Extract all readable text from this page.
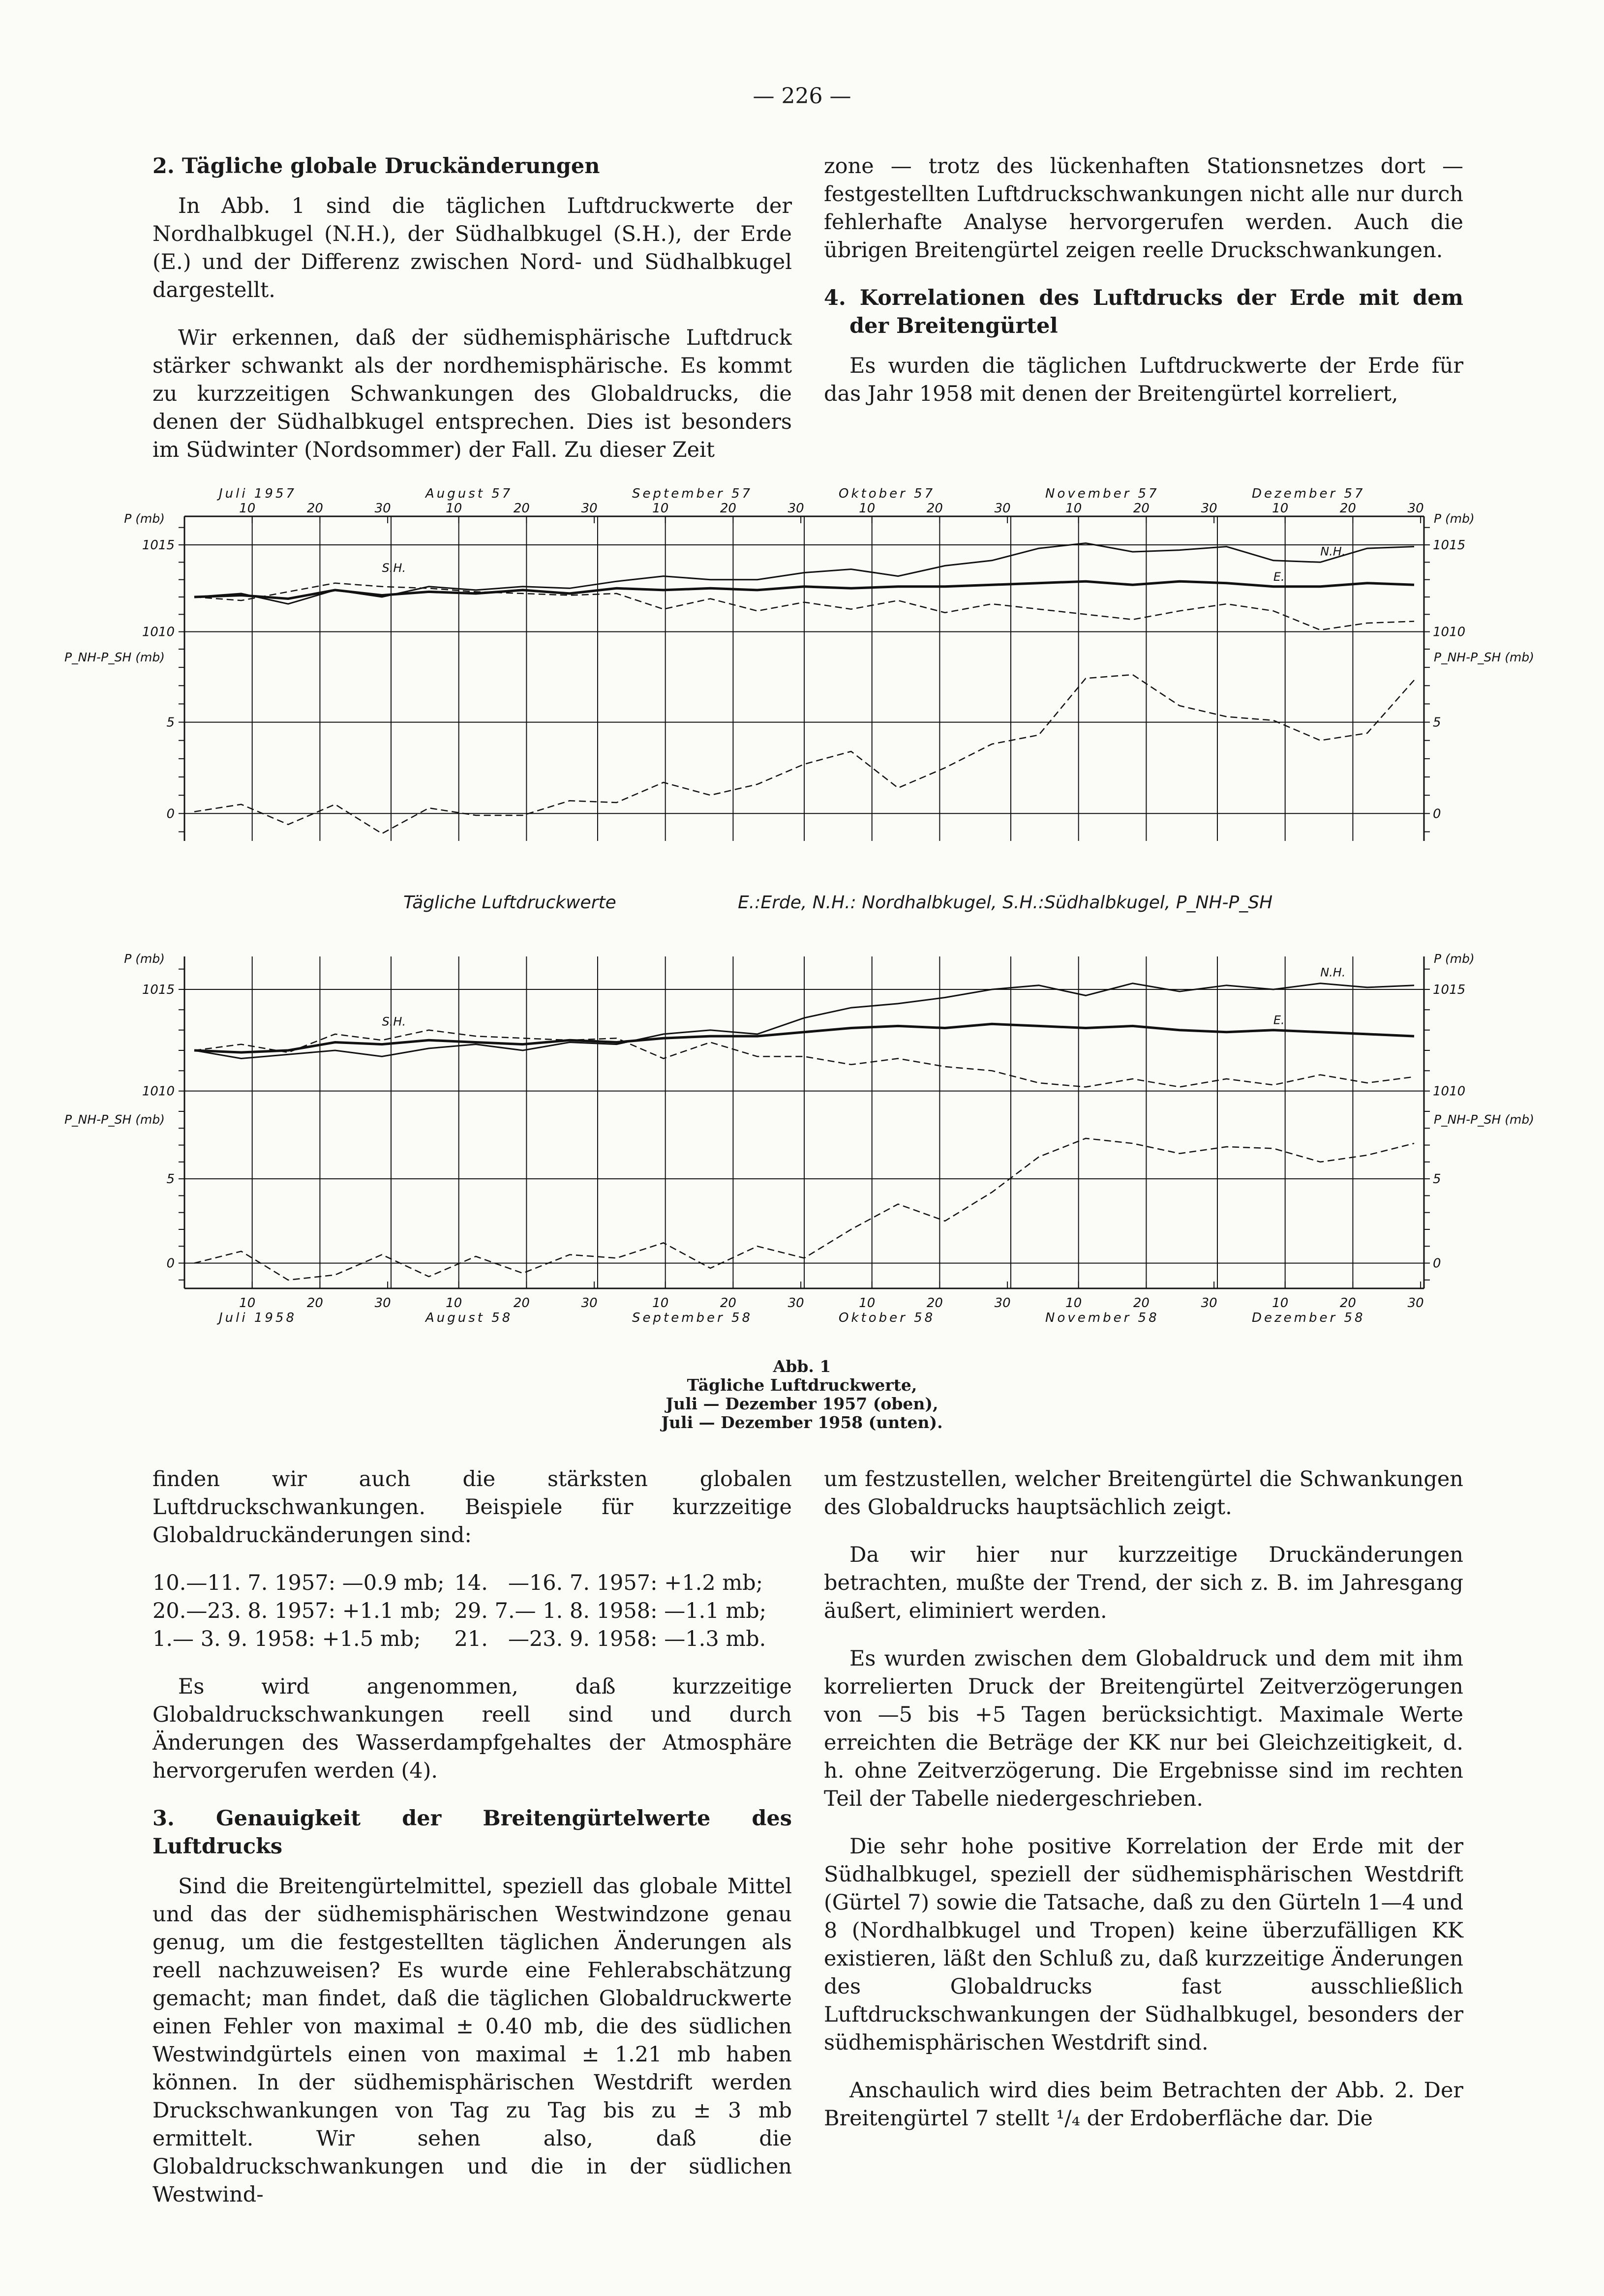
— 226 —
2. Tägliche globale Druckänderungen

In Abb. 1 sind die täglichen Luftdruckwerte der Nordhalbkugel (N.H.), der Südhalbkugel (S.H.), der Erde (E.) und der Differenz zwischen Nord- und Südhalbkugel dargestellt.

Wir erkennen, daß der südhemisphärische Luftdruck stärker schwankt als der nordhemisphärische. Es kommt zu kurzzeitigen Schwankungen des Globaldrucks, die denen der Südhalbkugel entsprechen. Dies ist besonders im Südwinter (Nordsommer) der Fall. Zu dieser Zeit

zone — trotz des lückenhaften Stationsnetzes dort — festgestellten Luftdruckschwankungen nicht alle nur durch fehlerhafte Analyse hervorgerufen werden. Auch die übrigen Breitengürtel zeigen reelle Druckschwankungen.

4. Korrelationen des Luftdrucks der Erde mit dem der Breitengürtel

Es wurden die täglichen Luftdruckwerte der Erde für das Jahr 1958 mit denen der Breitengürtel korreliert,

1015	1015
1010	1010
5	5
0	0
P (mb)
P_NH-P_SH (mb)
P (mb)
P_NH-P_SH (mb)
10	20	30
Juli 1957
10	20	30
August 57
10	20	30
September 57
10	20	30
Oktober 57
10	20	30
November 57
10	20	30
Dezember 57
N.H.
E.
S.H.
Tägliche Luftdruckwerte	E.:Erde, N.H.: Nordhalbkugel, S.H.:Südhalbkugel, P_NH-P_SH
1015	1015
1010	1010
5	5
0	0
P (mb)
P_NH-P_SH (mb)
P (mb)
P_NH-P_SH (mb)
10	20	30
Juli 1958
10	20	30
August 58
10	20	30
September 58
10	20	30
Oktober 58
10	20	30
November 58
10	20	30
Dezember 58
N.H.
E.
S.H.
Abb. 1
Tägliche Luftdruckwerte,
Juli — Dezember 1957 (oben),
Juli — Dezember 1958 (unten).

finden wir auch die stärksten globalen Luftdruckschwankungen. Beispiele für kurzzeitige Globaldruckänderungen sind:

10.—11. 7. 1957: —0.9 mb;	14.   —16. 7. 1957: +1.2 mb;
20.—23. 8. 1957: +1.1 mb;	29. 7.— 1. 8. 1958: —1.1 mb;
1.— 3. 9. 1958: +1.5 mb;	21.   —23. 9. 1958: —1.3 mb.

Es wird angenommen, daß kurzzeitige Globaldruckschwankungen reell sind und durch Änderungen des Wasserdampfgehaltes der Atmosphäre hervorgerufen werden (4).

3. Genauigkeit der Breitengürtelwerte des Luftdrucks

Sind die Breitengürtelmittel, speziell das globale Mittel und das der südhemisphärischen Westwindzone genau genug, um die festgestellten täglichen Änderungen als reell nachzuweisen? Es wurde eine Fehlerabschätzung gemacht; man findet, daß die täglichen Globaldruckwerte einen Fehler von maximal ± 0.40 mb, die des südlichen Westwindgürtels einen von maximal ± 1.21 mb haben können. In der südhemisphärischen Westdrift werden Druckschwankungen von Tag zu Tag bis zu ± 3 mb ermittelt. Wir sehen also, daß die Globaldruckschwankungen und die in der südlichen Westwind-

um festzustellen, welcher Breitengürtel die Schwankungen des Globaldrucks hauptsächlich zeigt.

Da wir hier nur kurzzeitige Druckänderungen betrachten, mußte der Trend, der sich z. B. im Jahresgang äußert, eliminiert werden.

Es wurden zwischen dem Globaldruck und dem mit ihm korrelierten Druck der Breitengürtel Zeitverzögerungen von —5 bis +5 Tagen berücksichtigt. Maximale Werte erreichten die Beträge der KK nur bei Gleichzeitigkeit, d. h. ohne Zeitverzögerung. Die Ergebnisse sind im rechten Teil der Tabelle niedergeschrieben.

Die sehr hohe positive Korrelation der Erde mit der Südhalbkugel, speziell der südhemisphärischen Westdrift (Gürtel 7) sowie die Tatsache, daß zu den Gürteln 1—4 und 8 (Nordhalbkugel und Tropen) keine überzufälligen KK existieren, läßt den Schluß zu, daß kurzzeitige Änderungen des Globaldrucks fast ausschließlich Luftdruckschwankungen der Südhalbkugel, besonders der südhemisphärischen Westdrift sind.

Anschaulich wird dies beim Betrachten der Abb. 2. Der Breitengürtel 7 stellt ¹/₄ der Erdoberfläche dar. Die
